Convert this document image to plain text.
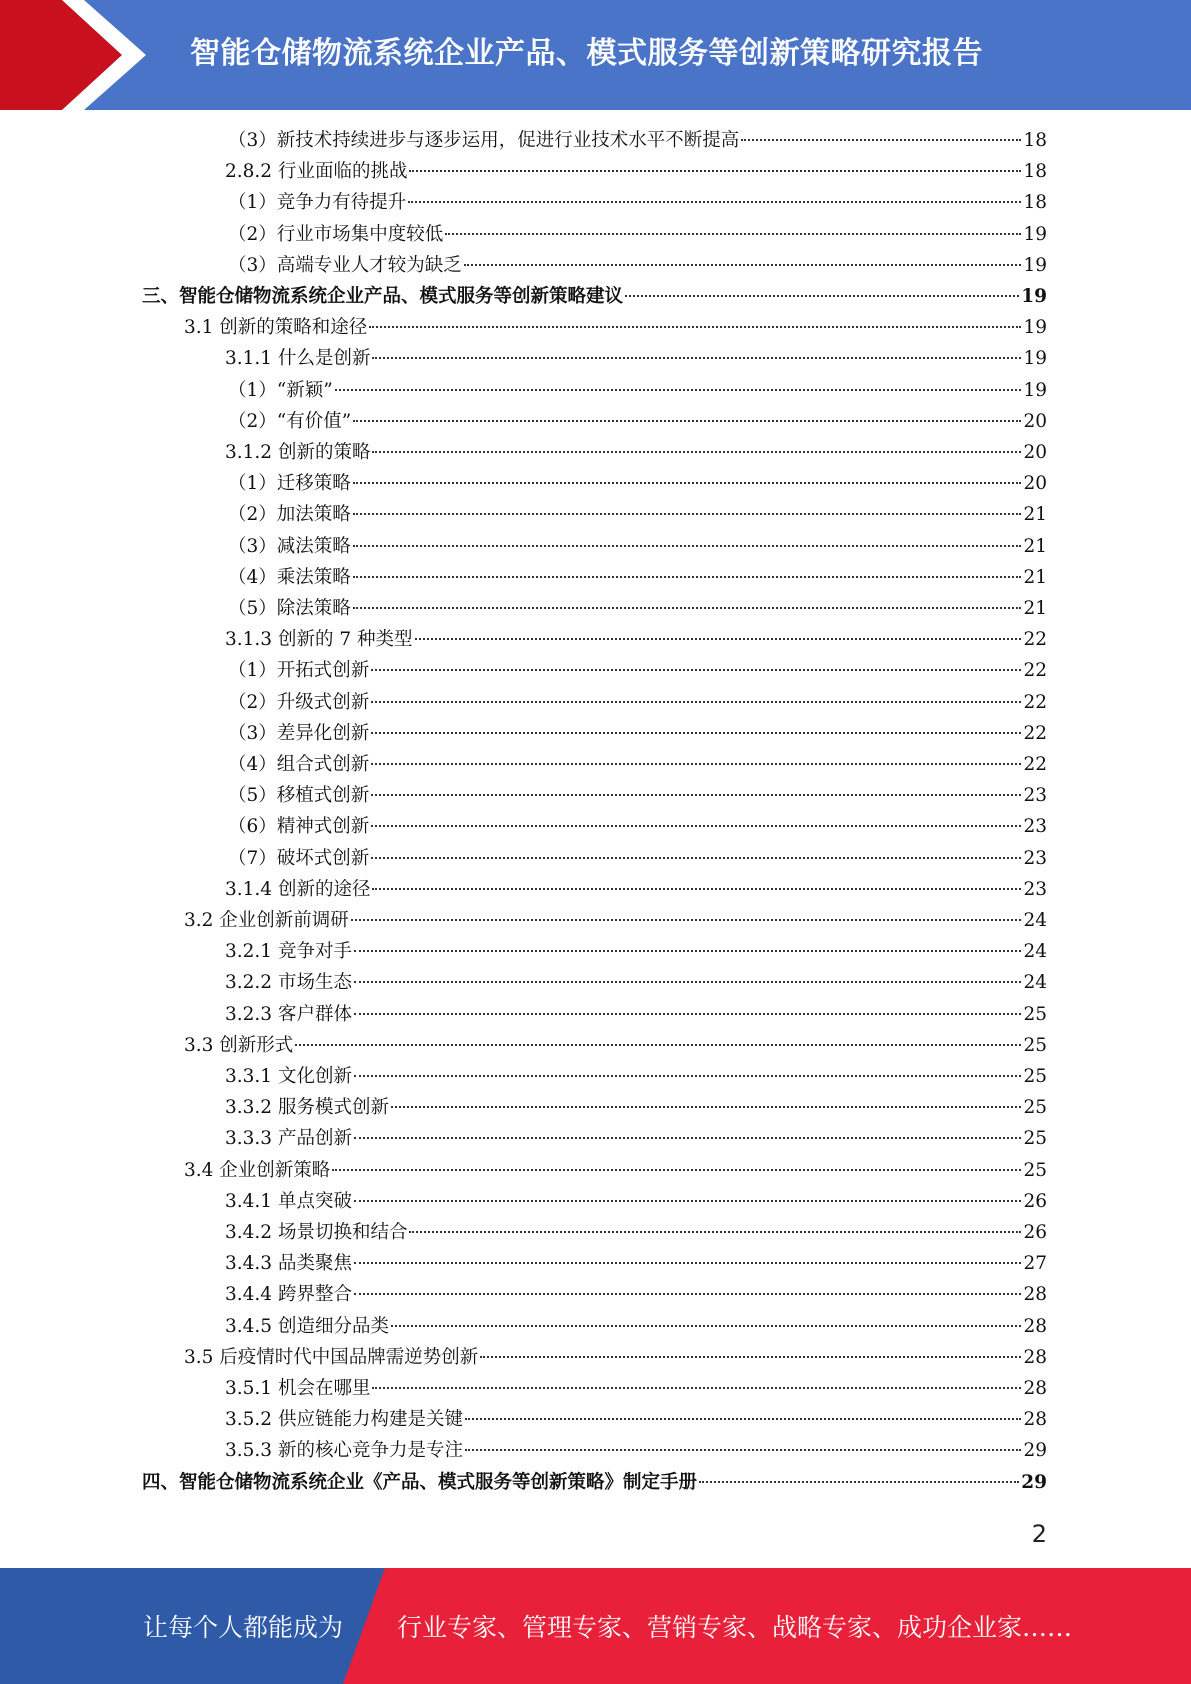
智能仓储物流系统企业产品、模式服务等创新策略研究报告
（3）新技术持续进步与逐步运用，促进行业技术水平不断提高	18
2.8.2 行业面临的挑战	18
（1）竞争力有待提升	18
（2）行业市场集中度较低	19
（3）高端专业人才较为缺乏	19
三、智能仓储物流系统企业产品、模式服务等创新策略建议	19
3.1 创新的策略和途径	19
3.1.1 什么是创新	19
（1）“新颖”	19
（2）“有价值”	20
3.1.2 创新的策略	20
（1）迁移策略	20
（2）加法策略	21
（3）减法策略	21
（4）乘法策略	21
（5）除法策略	21
3.1.3 创新的 7 种类型	22
（1）开拓式创新	22
（2）升级式创新	22
（3）差异化创新	22
（4）组合式创新	22
（5）移植式创新	23
（6）精神式创新	23
（7）破坏式创新	23
3.1.4 创新的途径	23
3.2 企业创新前调研	24
3.2.1 竞争对手	24
3.2.2 市场生态	24
3.2.3 客户群体	25
3.3 创新形式	25
3.3.1 文化创新	25
3.3.2 服务模式创新	25
3.3.3 产品创新	25
3.4 企业创新策略	25
3.4.1 单点突破	26
3.4.2 场景切换和结合	26
3.4.3 品类聚焦	27
3.4.4 跨界整合	28
3.4.5 创造细分品类	28
3.5 后疫情时代中国品牌需逆势创新	28
3.5.1 机会在哪里	28
3.5.2 供应链能力构建是关键	28
3.5.3 新的核心竞争力是专注	29
四、智能仓储物流系统企业《产品、模式服务等创新策略》制定手册	29
2
让每个人都能成为 行业专家、管理专家、营销专家、战略专家、成功企业家……
